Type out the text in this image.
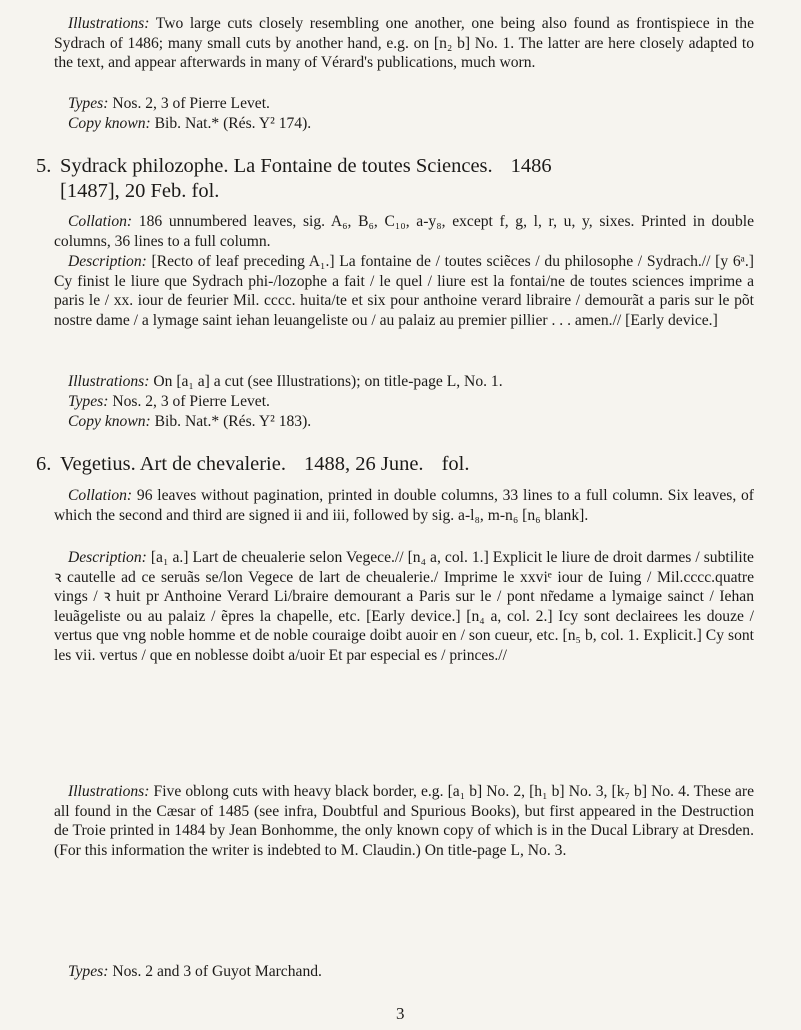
Illustrations: Two large cuts closely resembling one another, one being also found as frontispiece in the Sydrach of 1486; many small cuts by another hand, e.g. on [n₂ b] No. 1. The latter are here closely adapted to the text, and appear afterwards in many of Vérard's publications, much worn.
Types: Nos. 2, 3 of Pierre Levet.
Copy known: Bib. Nat.* (Rés. Y² 174).
5. Sydrack philozophe. La Fontaine de toutes Sciences. 1486
[1487], 20 Feb. fol.
Collation: 186 unnumbered leaves, sig. A₆, B₆, C₁₀, a-y₈, except f, g, l, r, u, y, sixes. Printed in double columns, 36 lines to a full column.
Description: [Recto of leaf preceding A₁.] La fontaine de / toutes sciẽces / du philosophe / Sydrach.// [y 6ᵃ.] Cy finist le liure que Sydrach phi-/lozophe a fait / le quel / liure est la fontai/ne de toutes sciences imprime a paris le / xx. iour de feurier Mil. cccc. huita/te et six pour anthoine verard libraire / demourãt a paris sur le põt nostre dame / a lymage saint iehan leuangeliste ou / au palaiz au premier pillier . . . amen.// [Early device.]
Illustrations: On [a₁ a] a cut (see Illustrations); on title-page L, No. 1.
Types: Nos. 2, 3 of Pierre Levet.
Copy known: Bib. Nat.* (Rés. Y² 183).
6. Vegetius. Art de chevalerie. 1488, 26 June. fol.
Collation: 96 leaves without pagination, printed in double columns, 33 lines to a full column. Six leaves, of which the second and third are signed ii and iii, followed by sig. a-l₈, m-n₆ [n₆ blank].
Description: [a₁ a.] Lart de cheualerie selon Vegece.// [n₄ a, col. 1.] Explicit le liure de droit darmes / subtilite ꝛ cautelle ad ce seruãs se/lon Vegece de lart de cheualerie./ Imprime le xxviᵉ iour de Iuing / Mil.cccc.quatre vings / ꝛ huit pr Anthoine Verard Li/braire demourant a Paris sur le / pont nr̃edame a lymaige sainct / Iehan leuãgeliste ou au palaiz / ẽpres la chapelle, etc. [Early device.] [n₄ a, col. 2.] Icy sont declairees les douze / vertus que vng noble homme et de noble couraige doibt auoir en / son cueur, etc. [n₅ b, col. 1. Explicit.] Cy sont les vii. vertus / que en noblesse doibt a/uoir Et par especial es / princes.//
Illustrations: Five oblong cuts with heavy black border, e.g. [a₁ b] No. 2, [h₁ b] No. 3, [k₇ b] No. 4. These are all found in the Cæsar of 1485 (see infra, Doubtful and Spurious Books), but first appeared in the Destruction de Troie printed in 1484 by Jean Bonhomme, the only known copy of which is in the Ducal Library at Dresden. (For this information the writer is indebted to M. Claudin.) On title-page L, No. 3.
Types: Nos. 2 and 3 of Guyot Marchand.
3
